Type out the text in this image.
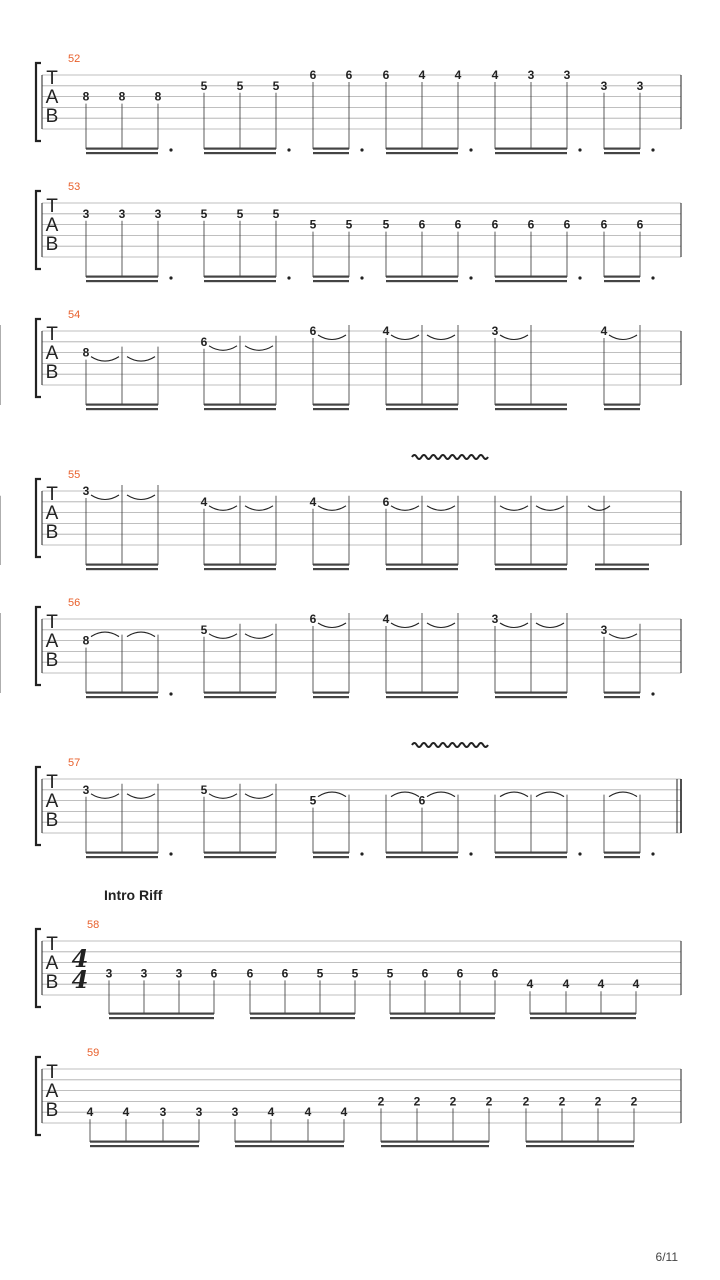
52
T
A
B
8 8 8
5 5 5
6 6	6 4 4	4 3 3
3 3
53
T
A
B
3 3 3	5 5 5
5 5	5 6 6	6 6 6	6 6
54
T
A
B
8
6
6	4	3	4
55
T
A
B
3
4	4	6
56
T
A
B
8
5
6	4	3
3
57
T
A
B
3	5
5	6
Intro Riff
58
T
A
B
4
4 3 3 3 6 6 6 5 5 5 6 6 6
4 4 4 4
59
T
A
B 4 4	3 3 3 4	4 4
2 2 2 2	2 2 2 2
6/11
